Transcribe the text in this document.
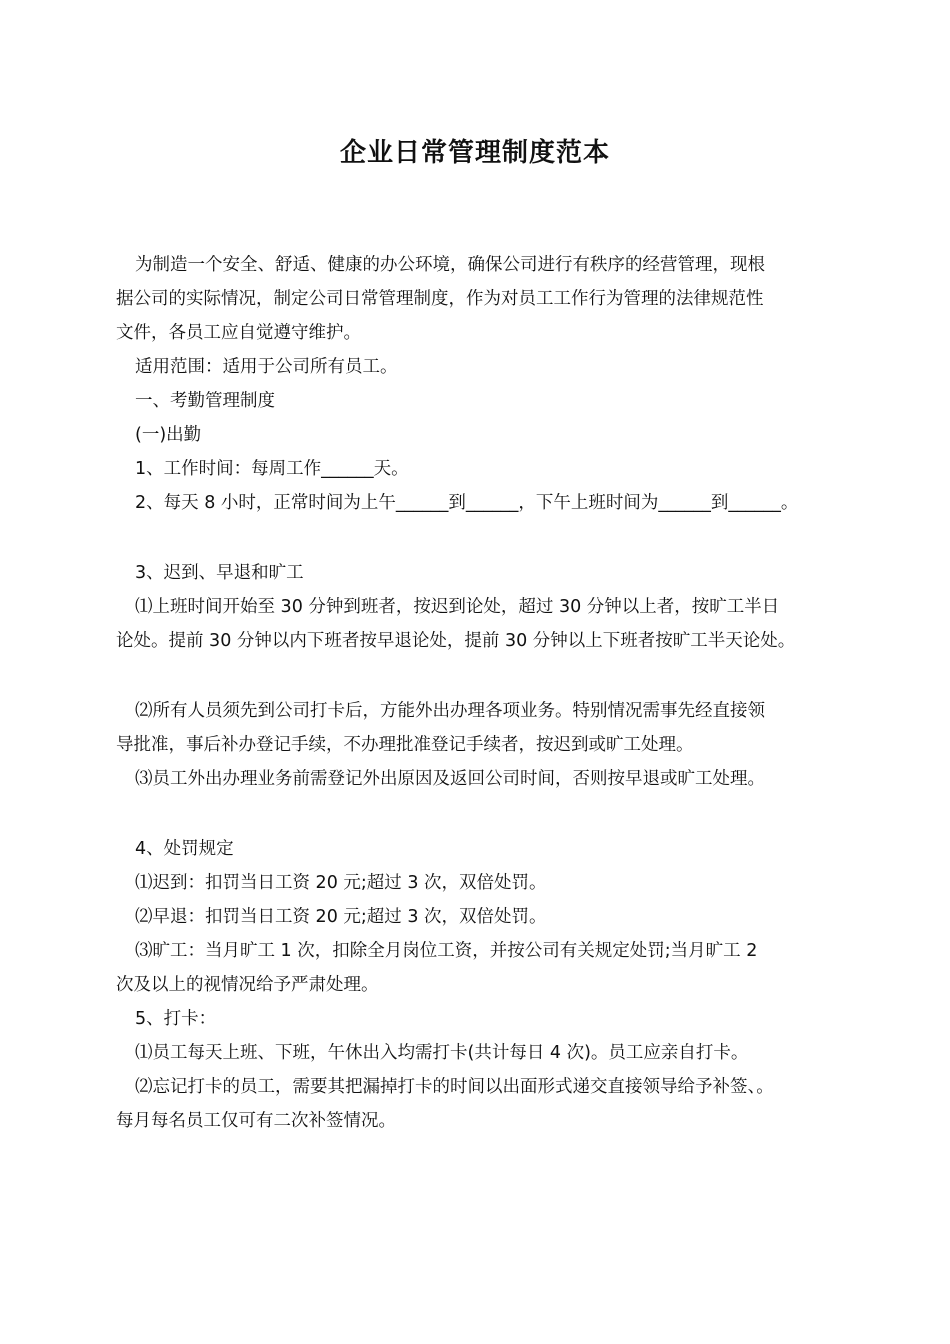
企业日常管理制度范本
为制造一个安全、舒适、健康的办公环境，确保公司进行有秩序的经营管理，现根
据公司的实际情况，制定公司日常管理制度，作为对员工工作行为管理的法律规范性
文件，各员工应自觉遵守维护。
适用范围：适用于公司所有员工。
一、考勤管理制度
(一)出勤
1、工作时间：每周工作______天。
2、每天 8 小时，正常时间为上午______到______，下午上班时间为______到______。
3、迟到、早退和旷工
⑴上班时间开始至 30 分钟到班者，按迟到论处，超过 30 分钟以上者，按旷工半日
论处。提前 30 分钟以内下班者按早退论处，提前 30 分钟以上下班者按旷工半天论处。
⑵所有人员须先到公司打卡后，方能外出办理各项业务。特别情况需事先经直接领
导批准，事后补办登记手续，不办理批准登记手续者，按迟到或旷工处理。
⑶员工外出办理业务前需登记外出原因及返回公司时间，否则按早退或旷工处理。
4、处罚规定
⑴迟到：扣罚当日工资 20 元;超过 3 次，双倍处罚。
⑵早退：扣罚当日工资 20 元;超过 3 次，双倍处罚。
⑶旷工：当月旷工 1 次，扣除全月岗位工资，并按公司有关规定处罚;当月旷工 2
次及以上的视情况给予严肃处理。
5、打卡：
⑴员工每天上班、下班，午休出入均需打卡(共计每日 4 次)。员工应亲自打卡。
⑵忘记打卡的员工，需要其把漏掉打卡的时间以出面形式递交直接领导给予补签、。
每月每名员工仅可有二次补签情况。
